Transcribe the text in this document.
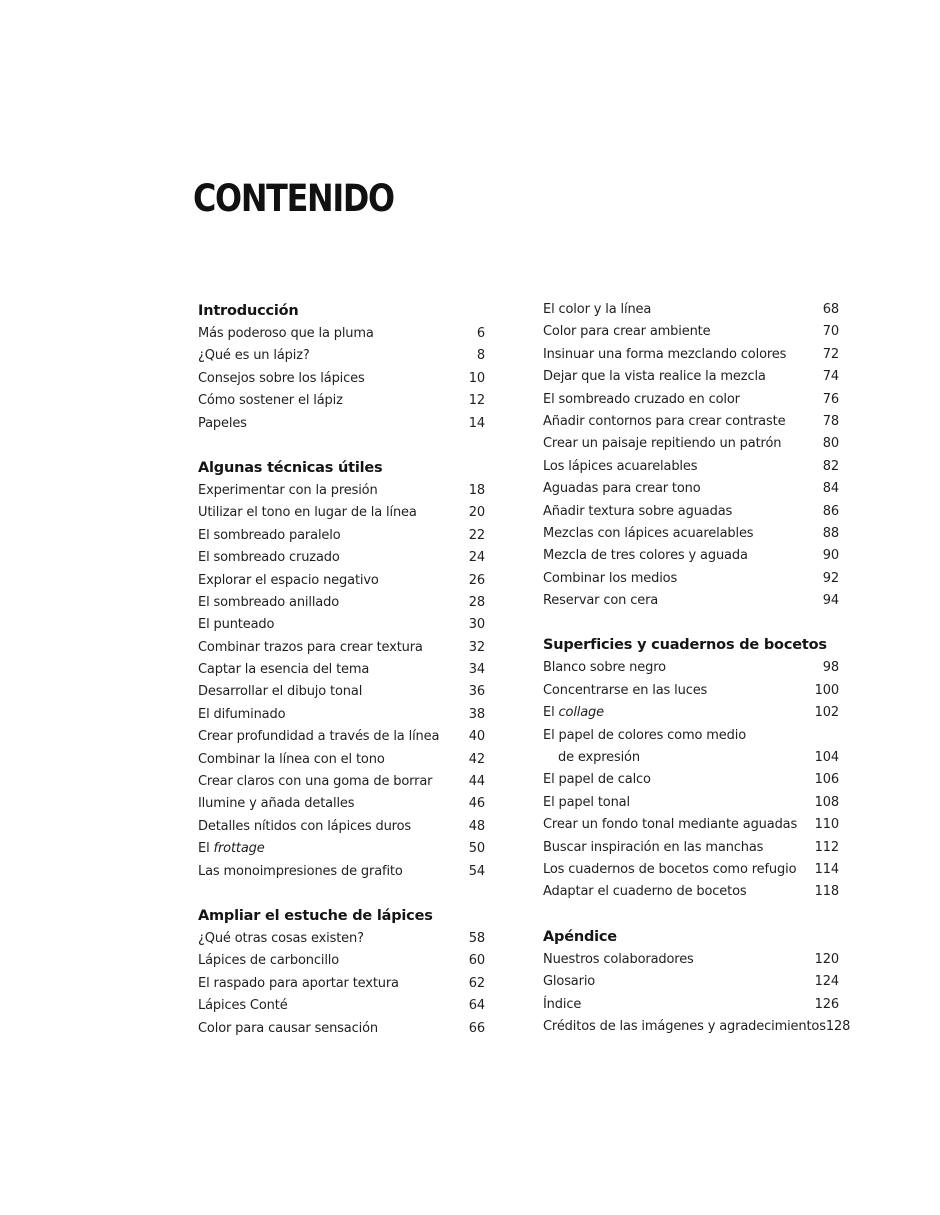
CONTENIDO
Introducción
Más poderoso que la pluma	6
¿Qué es un lápiz?	8
Consejos sobre los lápices	10
Cómo sostener el lápiz	12
Papeles	14
Algunas técnicas útiles
Experimentar con la presión	18
Utilizar el tono en lugar de la línea	20
El sombreado paralelo	22
El sombreado cruzado	24
Explorar el espacio negativo	26
El sombreado anillado	28
El punteado	30
Combinar trazos para crear textura	32
Captar la esencia del tema	34
Desarrollar el dibujo tonal	36
El difuminado	38
Crear profundidad a través de la línea	40
Combinar la línea con el tono	42
Crear claros con una goma de borrar	44
Ilumine y añada detalles	46
Detalles nítidos con lápices duros	48
El frottage	50
Las monoimpresiones de grafito	54
Ampliar el estuche de lápices
¿Qué otras cosas existen?	58
Lápices de carboncillo	60
El raspado para aportar textura	62
Lápices Conté	64
Color para causar sensación	66
El color y la línea	68
Color para crear ambiente	70
Insinuar una forma mezclando colores	72
Dejar que la vista realice la mezcla	74
El sombreado cruzado en color	76
Añadir contornos para crear contraste	78
Crear un paisaje repitiendo un patrón	80
Los lápices acuarelables	82
Aguadas para crear tono	84
Añadir textura sobre aguadas	86
Mezclas con lápices acuarelables	88
Mezcla de tres colores y aguada	90
Combinar los medios	92
Reservar con cera	94
Superficies y cuadernos de bocetos
Blanco sobre negro	98
Concentrarse en las luces	100
El collage	102
El papel de colores como medio
de expresión	104
El papel de calco	106
El papel tonal	108
Crear un fondo tonal mediante aguadas	110
Buscar inspiración en las manchas	112
Los cuadernos de bocetos como refugio	114
Adaptar el cuaderno de bocetos	118
Apéndice
Nuestros colaboradores	120
Glosario	124
Índice	126
Créditos de las imágenes y agradecimientos 128
